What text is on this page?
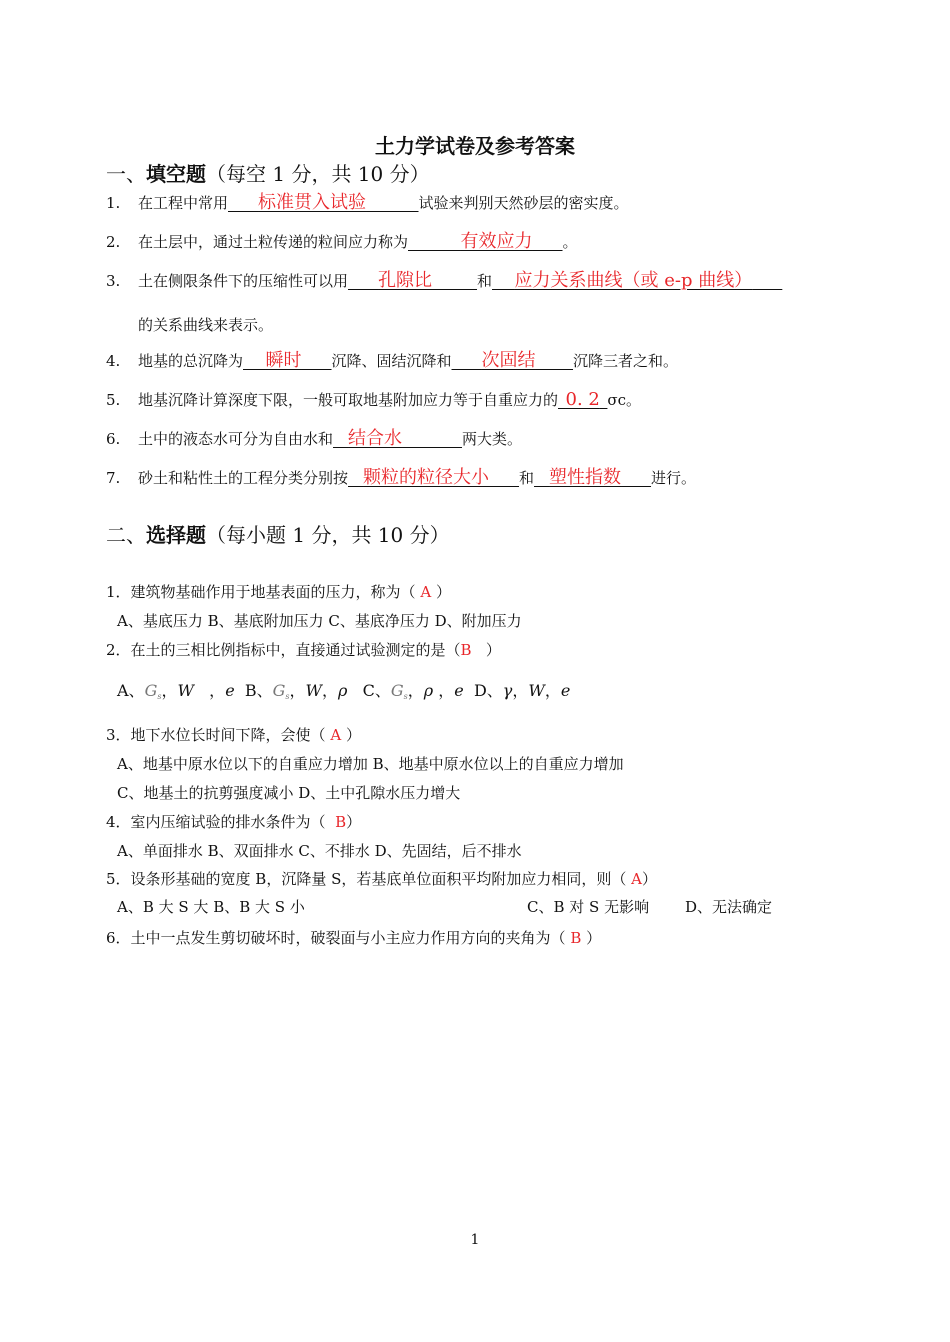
土力学试卷及参考答案
一、填空题（每空 1 分，共 10 分）
1. 在工程中常用____标准贯入试验_______试验来判别天然砂层的密实度。
2. 在土层中，通过土粒传递的粒间应力称为_______有效应力____。
3. 土在侧限条件下的压缩性可以用____孔隙比______和___应力关系曲线（或 e-p 曲线）____
的关系曲线来表示。
4. 地基的总沉降为___瞬时____沉降、固结沉降和____次固结_____沉降三者之和。
5. 地基沉降计算深度下限，一般可取地基附加应力等于自重应力的_0. 2_σc。
6. 土中的液态水可分为自由水和__结合水________两大类。
7. 砂土和粘性土的工程分类分别按__颗粒的粒径大小____和__塑性指数____进行。
二、选择题（每小题 1 分，共 10 分）
1．建筑物基础作用于地基表面的压力，称为（ A ）
A、基底压力 B、基底附加压力 C、基底净压力 D、附加压力
2．在土的三相比例指标中，直接通过试验测定的是（B ）
A、$G_s$，W   ，e  B、$G_s$，W，ρ   C、$G_s$，ρ ，e  D、γ，W，e
3．地下水位长时间下降，会使（ A ）
A、地基中原水位以下的自重应力增加 B、地基中原水位以上的自重应力增加
C、地基土的抗剪强度减小 D、土中孔隙水压力增大
4．室内压缩试验的排水条件为（ B）
A、单面排水 B、双面排水 C、不排水 D、先固结，后不排水
5．设条形基础的宽度 B，沉降量 S，若基底单位面积平均附加应力相同，则（ A）
A、B 大 S 大 B、B 大 S 小	C、B 对 S 无影响 D、无法确定
6．土中一点发生剪切破坏时，破裂面与小主应力作用方向的夹角为（ B ）
1
